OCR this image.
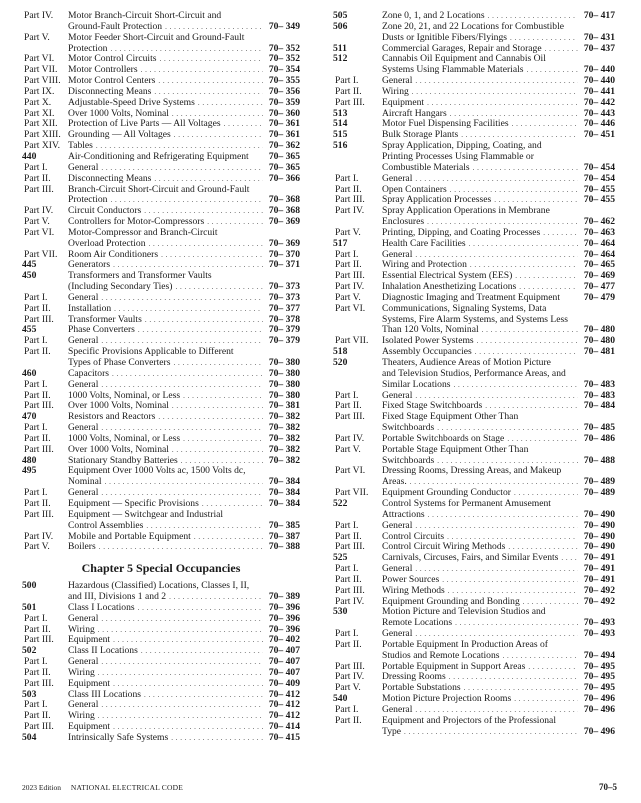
Part IV. Motor Branch-Circuit Short-Circuit and
Ground-Fault Protection . . .	70– 349
Part V. Motor Feeder Short-Circuit and Ground-Fault
Protection . . .	70– 352
Part VI. Motor Control Circuits . . .	70– 352
Part VII. Motor Controllers . . .	70– 354
Part VIII. Motor Control Centers . . .	70– 355
Part IX. Disconnecting Means . . .	70– 356
Part X. Adjustable-Speed Drive Systems . . .	70– 359
Part XI. Over 1000 Volts, Nominal . . .	70– 360
Part XII. Protection of Live Parts — All Voltages . . .	70– 361
Part XIII. Grounding — All Voltages . . .	70– 361
Part XIV. Tables . . .	70– 362
440	Air-Conditioning and Refrigerating Equipment 70– 365
Part I. General . . .	70– 365
Part II. Disconnecting Means . . .	70– 366
Part III. Branch-Circuit Short-Circuit and Ground-Fault
Protection . . .	70– 368
Part IV. Circuit Conductors . . .	70– 368
Part V. Controllers for Motor-Compressors . . .	70– 369
Part VI. Motor-Compressor and Branch-Circuit
Overload Protection . . .	70– 369
Part VII. Room Air Conditioners . . .	70– 370
445	Generators . . .	70– 371
450	Transformers and Transformer Vaults
(Including Secondary Ties) . . .	70– 373
Part I. General . . .	70– 373
Part II. Installation . . .	70– 377
Part III. Transformer Vaults . . .	70– 378
455	Phase Converters . . .	70– 379
Part I. General . . .	70– 379
Part II. Specific Provisions Applicable to Different
Types of Phase Converters . . .	70– 380
460	Capacitors . . .	70– 380
Part I. General . . .	70– 380
Part II. 1000 Volts, Nominal, or Less . . .	70– 380
Part III. Over 1000 Volts, Nominal . . .	70– 381
470	Resistors and Reactors . . .	70– 382
Part I. General . . .	70– 382
Part II. 1000 Volts, Nominal, or Less . . .	70– 382
Part III. Over 1000 Volts, Nominal . . .	70– 382
480	Stationary Standby Batteries . . .	70– 382
495	Equipment Over 1000 Volts ac, 1500 Volts dc,
Nominal . . .	70– 384
Part I. General . . .	70– 384
Part II. Equipment — Specific Provisions . . .	70– 384
Part III. Equipment — Switchgear and Industrial
Control Assemblies . . .	70– 385
Part IV. Mobile and Portable Equipment . . .	70– 387
Part V. Boilers . . .	70– 388
Chapter 5 Special Occupancies
500	Hazardous (Classified) Locations, Classes I, II,
and III, Divisions 1 and 2 . . .	70– 389
501	Class I Locations . . .	70– 396
Part I. General . . .	70– 396
Part II. Wiring . . .	70– 396
Part III. Equipment . . .	70– 402
502	Class II Locations . . .	70– 407
Part I. General . . .	70– 407
Part II. Wiring . . .	70– 407
Part III. Equipment . . .	70– 409
503	Class III Locations . . .	70– 412
Part I. General . . .	70– 412
Part II. Wiring . . .	70– 412
Part III. Equipment . . .	70– 414
504	Intrinsically Safe Systems . . .	70– 415
505	Zone 0, 1, and 2 Locations . . .	70– 417
506	Zone 20, 21, and 22 Locations for Combustible
Dusts or Ignitible Fibers/Flyings . . .	70– 431
511	Commercial Garages, Repair and Storage . . .	70– 437
512	Cannabis Oil Equipment and Cannabis Oil
Systems Using Flammable Materials . . .	70– 440
Part I. General . . .	70– 440
Part II. Wiring . . .	70– 441
Part III. Equipment . . .	70– 442
513	Aircraft Hangars . . .	70– 443
514	Motor Fuel Dispensing Facilities . . .	70– 446
515	Bulk Storage Plants . . .	70– 451
516	Spray Application, Dipping, Coating, and
Printing Processes Using Flammable or
Combustible Materials . . .	70– 454
Part I. General . . .	70– 454
Part II. Open Containers . . .	70– 455
Part III. Spray Application Processes . . .	70– 455
Part IV. Spray Application Operations in Membrane
Enclosures . . .	70– 462
Part V. Printing, Dipping, and Coating Processes . . .	70– 463
517	Health Care Facilities . . .	70– 464
Part I. General . . .	70– 464
Part II. Wiring and Protection . . .	70– 465
Part III. Essential Electrical System (EES) . . .	70– 469
Part IV. Inhalation Anesthetizing Locations . . .	70– 477
Part V. Diagnostic Imaging and Treatment Equipment 70– 479
Part VI. Communications, Signaling Systems, Data
Systems, Fire Alarm Systems, and Systems Less
Than 120 Volts, Nominal . . .	70– 480
Part VII. Isolated Power Systems . . .	70– 480
518	Assembly Occupancies . . .	70– 481
520	Theaters, Audience Areas of Motion Picture
and Television Studios, Performance Areas, and
Similar Locations . . .	70– 483
Part I. General . . .	70– 483
Part II. Fixed Stage Switchboards . . .	70– 484
Part III. Fixed Stage Equipment Other Than
Switchboards . . .	70– 485
Part IV. Portable Switchboards on Stage . . .	70– 486
Part V. Portable Stage Equipment Other Than
Switchboards . . .	70– 488
Part VI. Dressing Rooms, Dressing Areas, and Makeup
Areas. . . .	70– 489
Part VII. Equipment Grounding Conductor . . .	70– 489
522	Control Systems for Permanent Amusement
Attractions . . .	70– 490
Part I. General . . .	70– 490
Part II. Control Circuits . . .	70– 490
Part III. Control Circuit Wiring Methods . . .	70– 490
525	Carnivals, Circuses, Fairs, and Similar Events . . .	70– 491
Part I. General . . .	70– 491
Part II. Power Sources . . .	70– 491
Part III. Wiring Methods . . .	70– 492
Part IV. Equipment Grounding and Bonding . . .	70– 492
530	Motion Picture and Television Studios and
Remote Locations . . .	70– 493
Part I. General . . .	70– 493
Part II. Portable Equipment In Production Areas of
Studios and Remote Locations . . .	70– 494
Part III. Portable Equipment in Support Areas . . .	70– 495
Part IV. Dressing Rooms . . .	70– 495
Part V. Portable Substations . . .	70– 495
540	Motion Picture Projection Rooms . . .	70– 496
Part I. General . . .	70– 496
Part II. Equipment and Projectors of the Professional
Type . . .	70– 496
2023 Edition NATIONAL ELECTRICAL CODE	70–5
